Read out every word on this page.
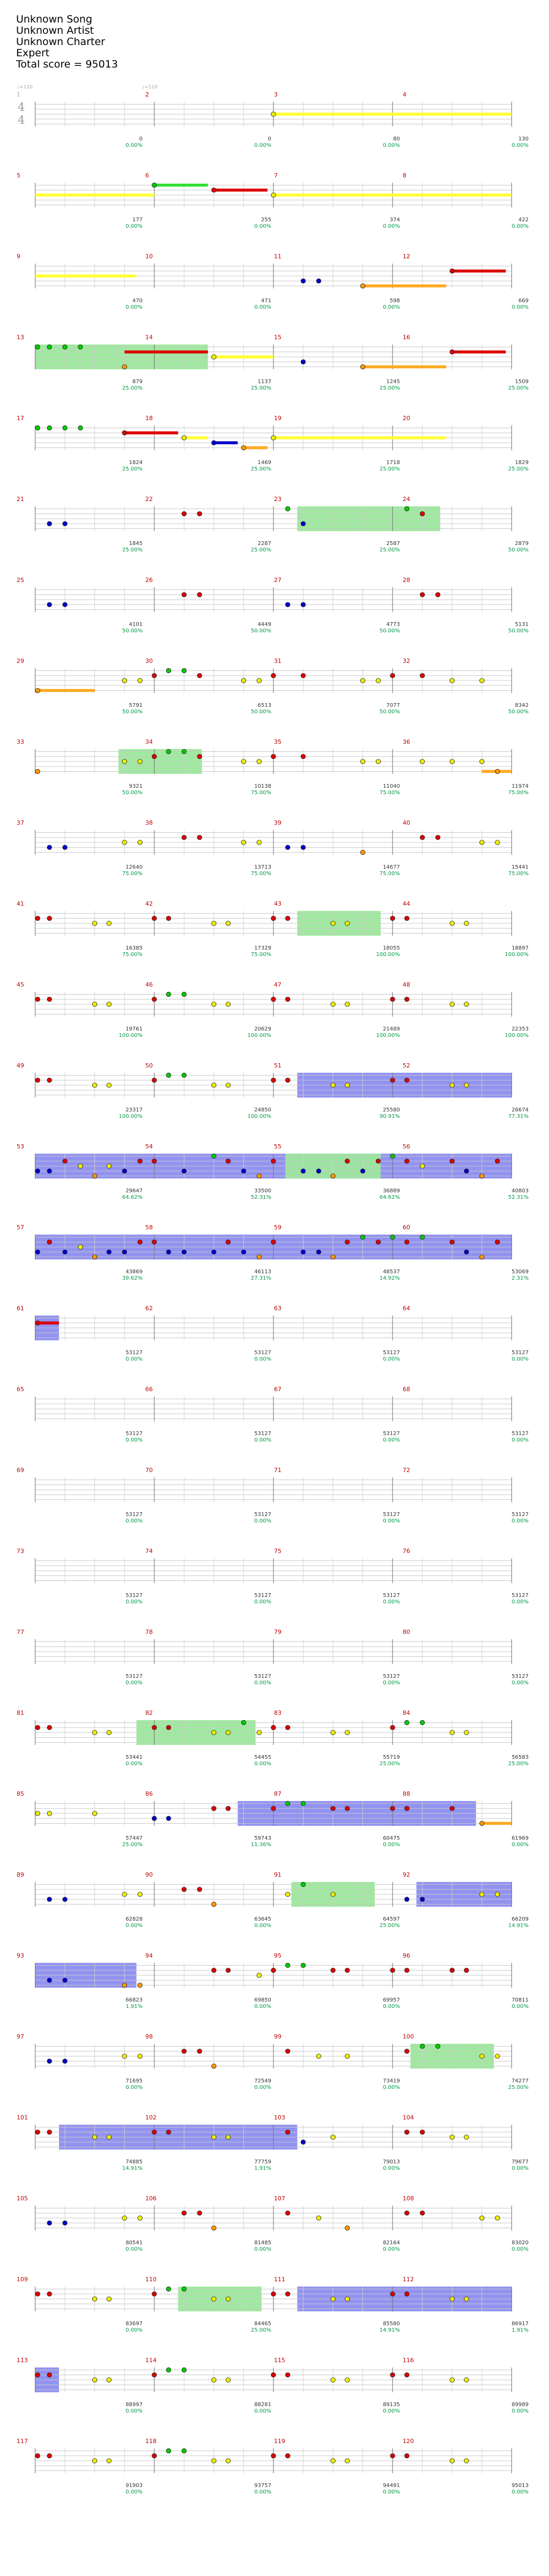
Unknown Song
Unknown Artist
Unknown Charter
Expert
Total score = 95013
1	2	3	4
♩=120	♩=120
0
0.00%
0
0.00%
80
0.00%
130
0.00%
4
4
5	6	7	8
177
0.00%
255
0.00%
374
0.00%
422
0.00%
9	10	11	12
470
0.00%
471
0.00%
598
0.00%
669
0.00%
13	14	15	16
879
25.00%
1137
25.00%
1245
25.00%
1509
25.00%
17	18	19	20
1824
25.00%
1469
25.00%
1718
25.00%
1829
25.00%
21	22	23	24
1845
25.00%
2287
25.00%
2587
25.00%
2879
50.00%
25	26	27	28
4101
50.00%
4449
50.00%
4773
50.00%
5131
50.00%
29	30	31	32
5791
50.00%
6513
50.00%
7077
50.00%
8342
50.00%
33	34	35	36
9321
50.00%
10138
75.00%
11040
75.00%
11974
75.00%
37	38	39	40
12640
75.00%
13713
75.00%
14677
75.00%
15441
75.00%
41	42	43	44
16385
75.00%
17329
75.00%
18055
100.00%
18897
100.00%
45	46	47	48
19761
100.00%
20629
100.00%
21489
100.00%
22353
100.00%
49	50	51	52
23317
100.00%
24850
100.00%
25580
90.91%
26674
77.31%
53	54	55	56
29647
64.62%
33500
52.31%
36889
64.62%
40803
52.31%
57	58	59	60
43869
39.62%
46113
27.31%
48537
14.92%
53069
2.31%
61	62	63	64
53127
0.00%
53127
0.00%
53127
0.00%
53127
0.00%
65	66	67	68
53127
0.00%
53127
0.00%
53127
0.00%
53127
0.00%
69	70	71	72
53127
0.00%
53127
0.00%
53127
0.00%
53127
0.00%
73	74	75	76
53127
0.00%
53127
0.00%
53127
0.00%
53127
0.00%
77	78	79	80
53127
0.00%
53127
0.00%
53127
0.00%
53127
0.00%
81	82	83	84
53441
0.00%
54455
0.00%
55719
25.00%
56583
25.00%
85	86	87	88
57447
25.00%
59743
11.36%
60475
0.00%
61969
0.00%
89	90	91	92
62828
0.00%
63645
0.00%
64597
25.00%
66209
14.91%
93	94	95	96
66823
1.91%
69850
0.00%
69957
0.00%
70811
0.00%
97	98	99	100
71695
0.00%
72549
0.00%
73419
0.00%
74277
25.00%
101	102	103	104
74885
14.91%
77759
1.91%
79013
0.00%
79677
0.00%
105	106	107	108
80541
0.00%
81485
0.00%
82164
0.00%
83020
0.00%
109	110	111	112
83697
0.00%
84465
25.00%
85580
14.91%
86917
1.91%
113	114	115	116
88997
0.00%
88281
0.00%
89135
0.00%
89989
0.00%
117	118	119	120
91903
0.00%
93757
0.00%
94491
0.00%
95013
0.00%
